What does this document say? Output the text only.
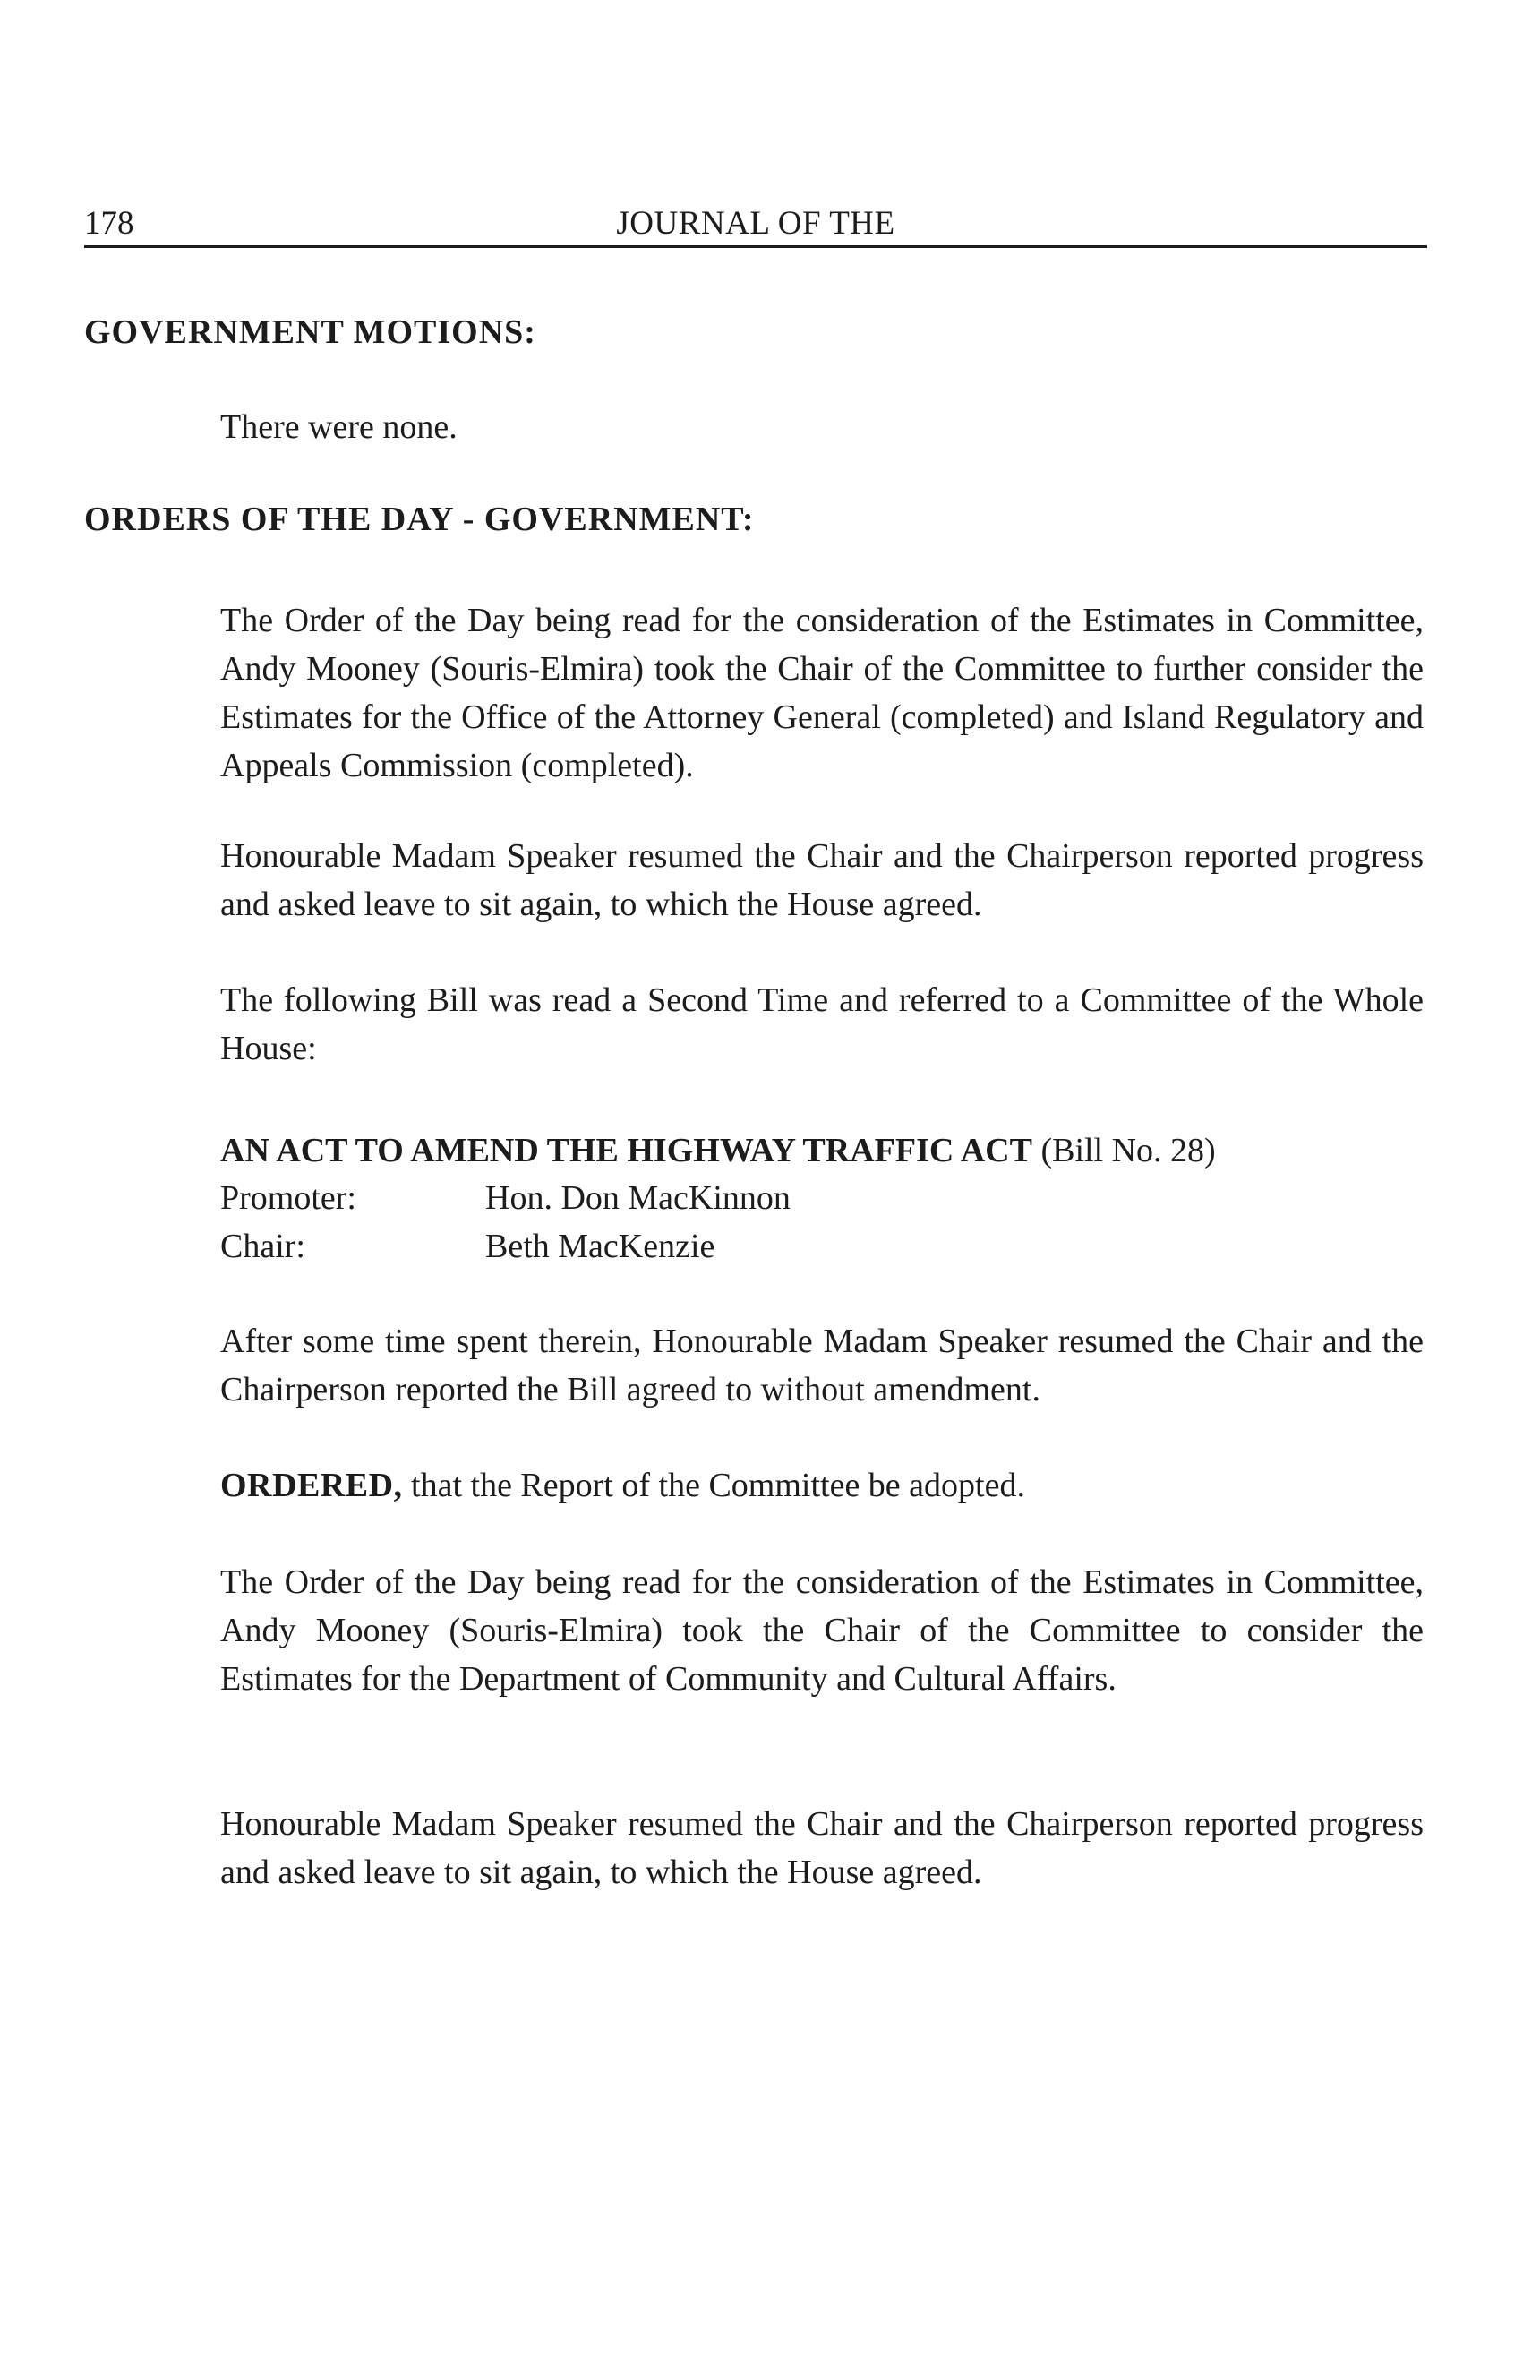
178	JOURNAL OF THE
GOVERNMENT MOTIONS:

There were none.

ORDERS OF THE DAY - GOVERNMENT:

The Order of the Day being read for the consideration of the Estimates in Committee, Andy Mooney (Souris-Elmira) took the Chair of the Committee to further consider the Estimates for the Office of the Attorney General (completed) and Island Regulatory and Appeals Commission (completed).

Honourable Madam Speaker resumed the Chair and the Chairperson reported progress and asked leave to sit again, to which the House agreed.

The following Bill was read a Second Time and referred to a Committee of the Whole House:

AN ACT TO AMEND THE HIGHWAY TRAFFIC ACT (Bill No. 28)
Promoter:	Hon. Don MacKinnon
Chair:	Beth MacKenzie

After some time spent therein, Honourable Madam Speaker resumed the Chair and the Chairperson reported the Bill agreed to without amendment.

ORDERED, that the Report of the Committee be adopted.

The Order of the Day being read for the consideration of the Estimates in Committee, Andy Mooney (Souris-Elmira) took the Chair of the Committee to consider the Estimates for the Department of Community and Cultural Affairs.

Honourable Madam Speaker resumed the Chair and the Chairperson reported progress and asked leave to sit again, to which the House agreed.
